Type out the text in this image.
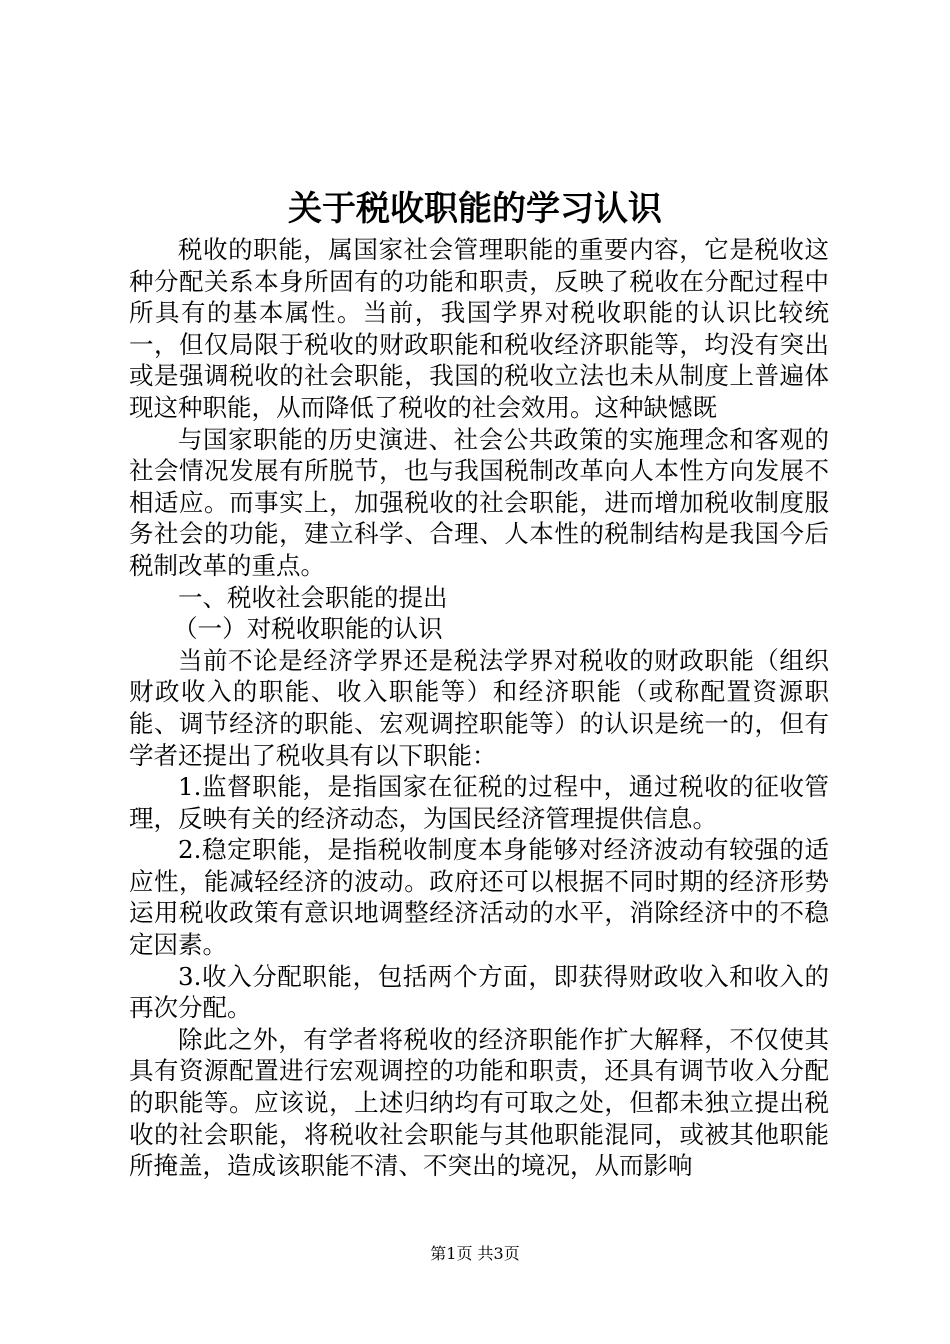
关于税收职能的学习认识

税收的职能，属国家社会管理职能的重要内容，它是税收这种分配关系本身所固有的功能和职责，反映了税收在分配过程中所具有的基本属性。当前，我国学界对税收职能的认识比较统一，但仅局限于税收的财政职能和税收经济职能等，均没有突出或是强调税收的社会职能，我国的税收立法也未从制度上普遍体现这种职能，从而降低了税收的社会效用。这种缺憾既

与国家职能的历史演进、社会公共政策的实施理念和客观的社会情况发展有所脱节，也与我国税制改革向人本性方向发展不相适应。而事实上，加强税收的社会职能，进而增加税收制度服务社会的功能，建立科学、合理、人本性的税制结构是我国今后税制改革的重点。

一、税收社会职能的提出

（一）对税收职能的认识

当前不论是经济学界还是税法学界对税收的财政职能（组织财政收入的职能、收入职能等）和经济职能（或称配置资源职能、调节经济的职能、宏观调控职能等）的认识是统一的，但有学者还提出了税收具有以下职能：

1.监督职能，是指国家在征税的过程中，通过税收的征收管理，反映有关的经济动态，为国民经济管理提供信息。

2.稳定职能，是指税收制度本身能够对经济波动有较强的适应性，能减轻经济的波动。政府还可以根据不同时期的经济形势运用税收政策有意识地调整经济活动的水平，消除经济中的不稳定因素。

3.收入分配职能，包括两个方面，即获得财政收入和收入的再次分配。

除此之外，有学者将税收的经济职能作扩大解释，不仅使其具有资源配置进行宏观调控的功能和职责，还具有调节收入分配的职能等。应该说，上述归纳均有可取之处，但都未独立提出税收的社会职能，将税收社会职能与其他职能混同，或被其他职能所掩盖，造成该职能不清、不突出的境况，从而影响

第1页 共3页
